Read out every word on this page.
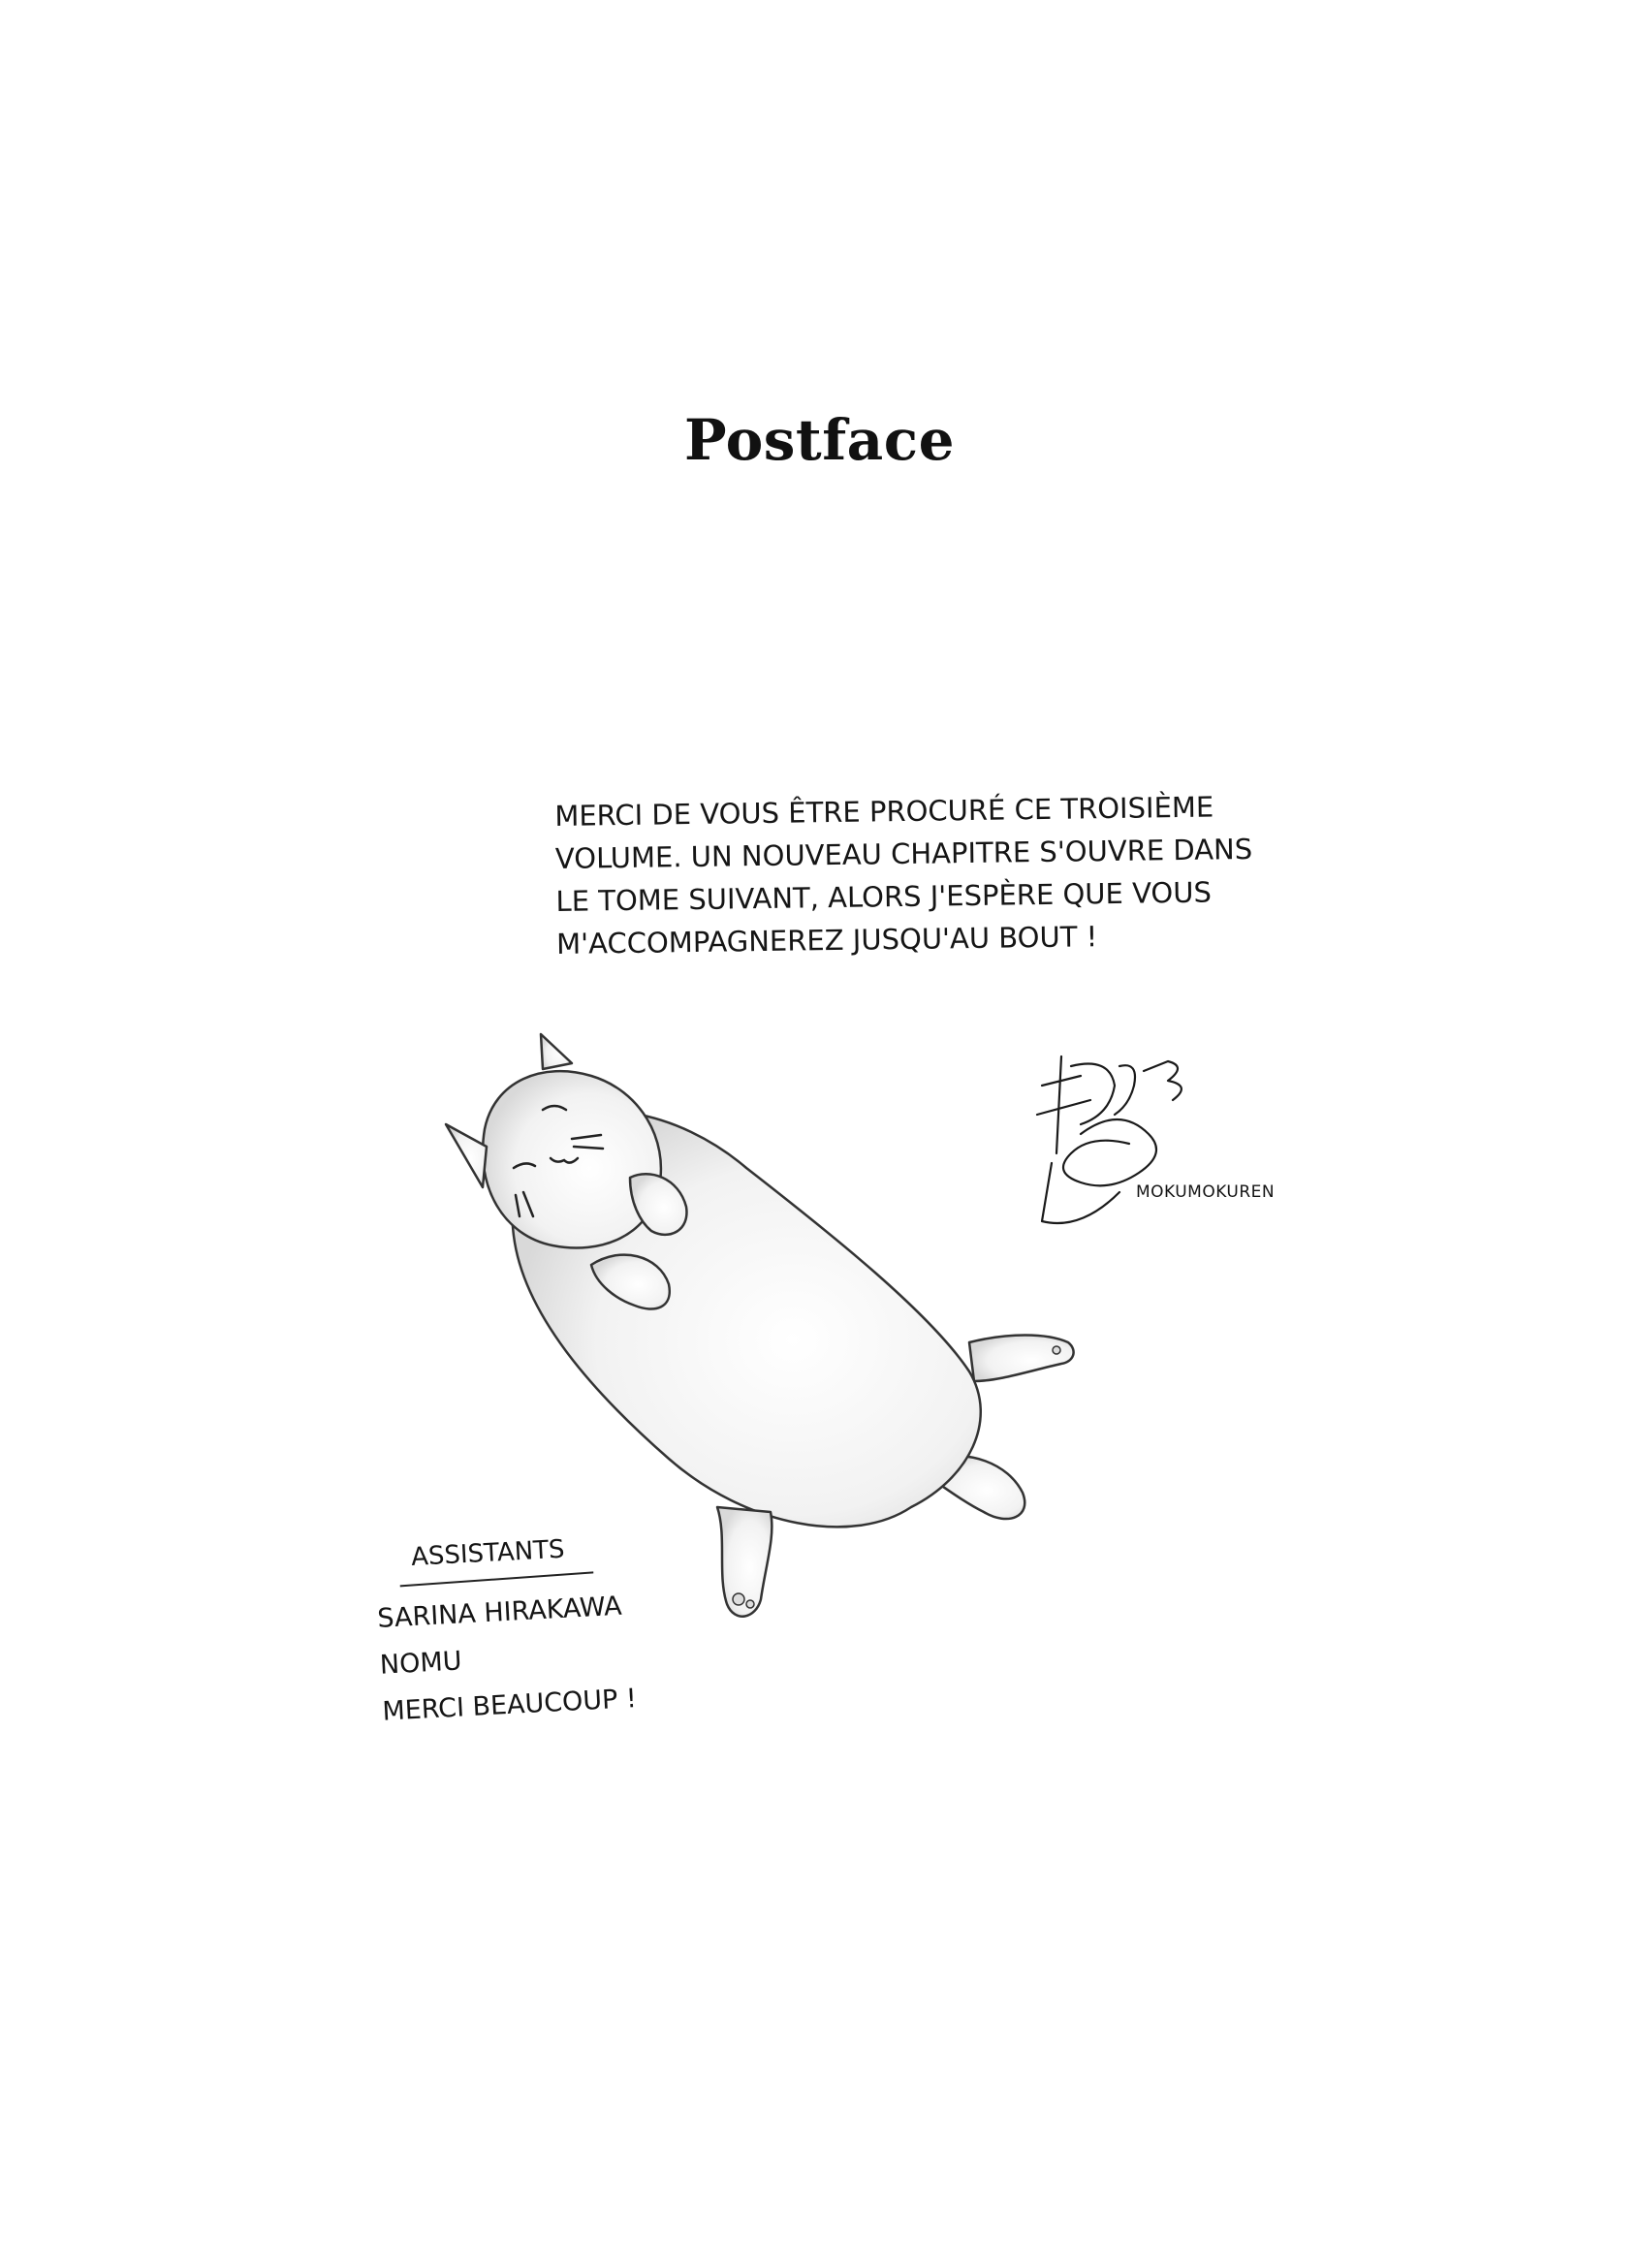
Postface
MERCI DE VOUS ÊTRE PROCURÉ CE TROISIÈME
VOLUME. UN NOUVEAU CHAPITRE S'OUVRE DANS
LE TOME SUIVANT, ALORS J'ESPÈRE QUE VOUS
M'ACCOMPAGNEREZ JUSQU'AU BOUT !
MOKUMOKUREN
ASSISTANTS
SARINA HIRAKAWA
NOMU
MERCI BEAUCOUP !
